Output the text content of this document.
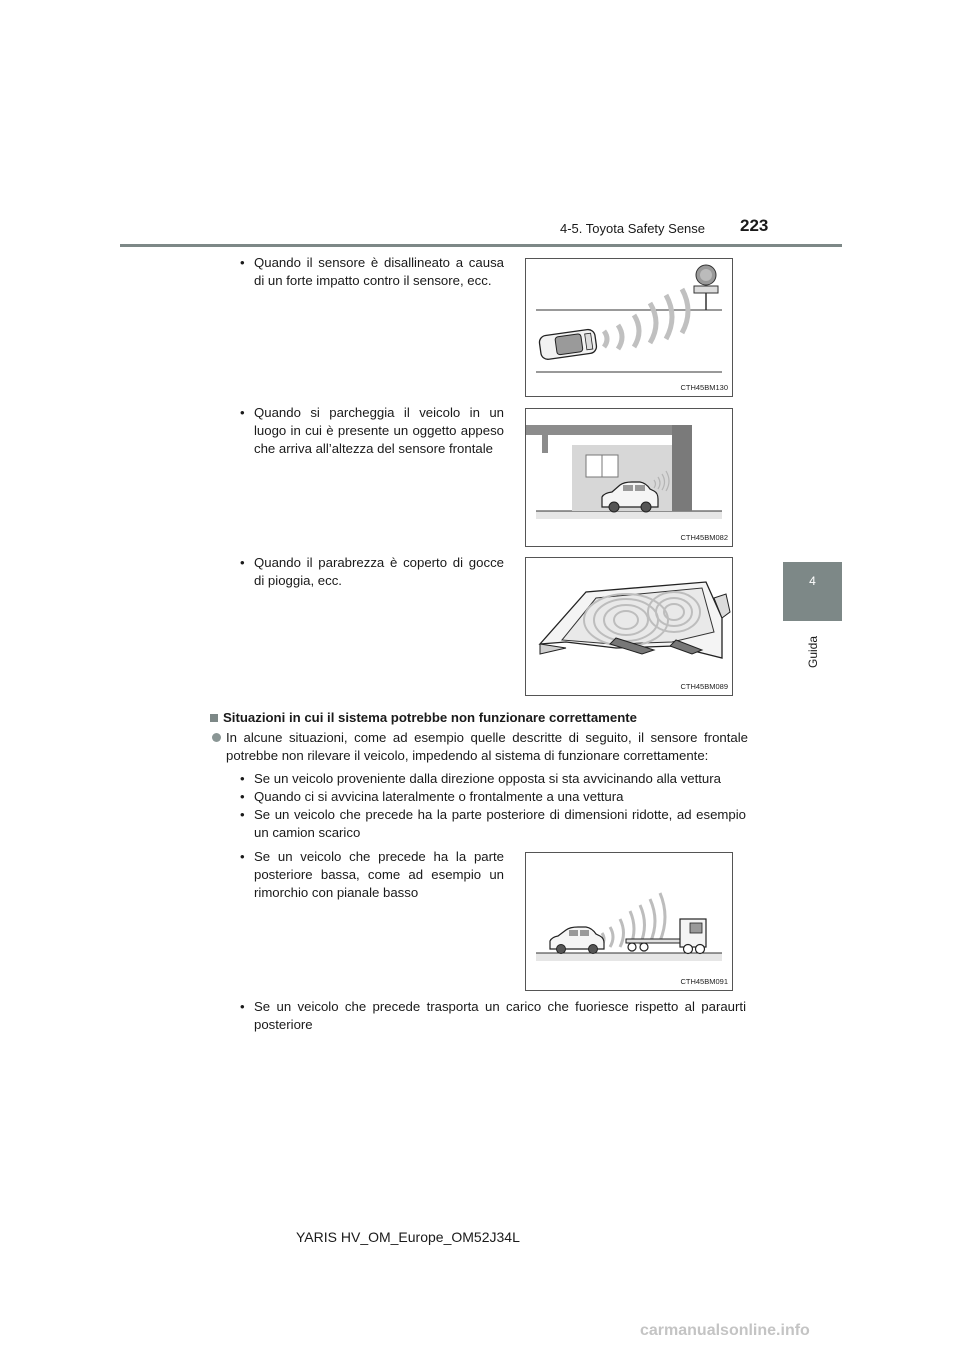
4-5. Toyota Safety Sense 223
4
Guida
• Quando il sensore è disallineato a causa di un forte impatto contro il sensore, ecc.
CTH45BM130
• Quando si parcheggia il veicolo in un luogo in cui è presente un oggetto appeso che arriva all’altezza del sensore frontale
CTH45BM082
• Quando il parabrezza è coperto di gocce di pioggia, ecc.
CTH45BM089
Situazioni in cui il sistema potrebbe non funzionare correttamente
In alcune situazioni, come ad esempio quelle descritte di seguito, il sensore frontale potrebbe non rilevare il veicolo, impedendo al sistema di funzionare correttamente:
• Se un veicolo proveniente dalla direzione opposta si sta avvicinando alla vettura
• Quando ci si avvicina lateralmente o frontalmente a una vettura
• Se un veicolo che precede ha la parte posteriore di dimensioni ridotte, ad esempio un camion scarico
• Se un veicolo che precede ha la parte posteriore bassa, come ad esempio un rimorchio con pianale basso
CTH45BM091
• Se un veicolo che precede trasporta un carico che fuoriesce rispetto al paraurti posteriore
YARIS HV_OM_Europe_OM52J34L
carmanualsonline.info
